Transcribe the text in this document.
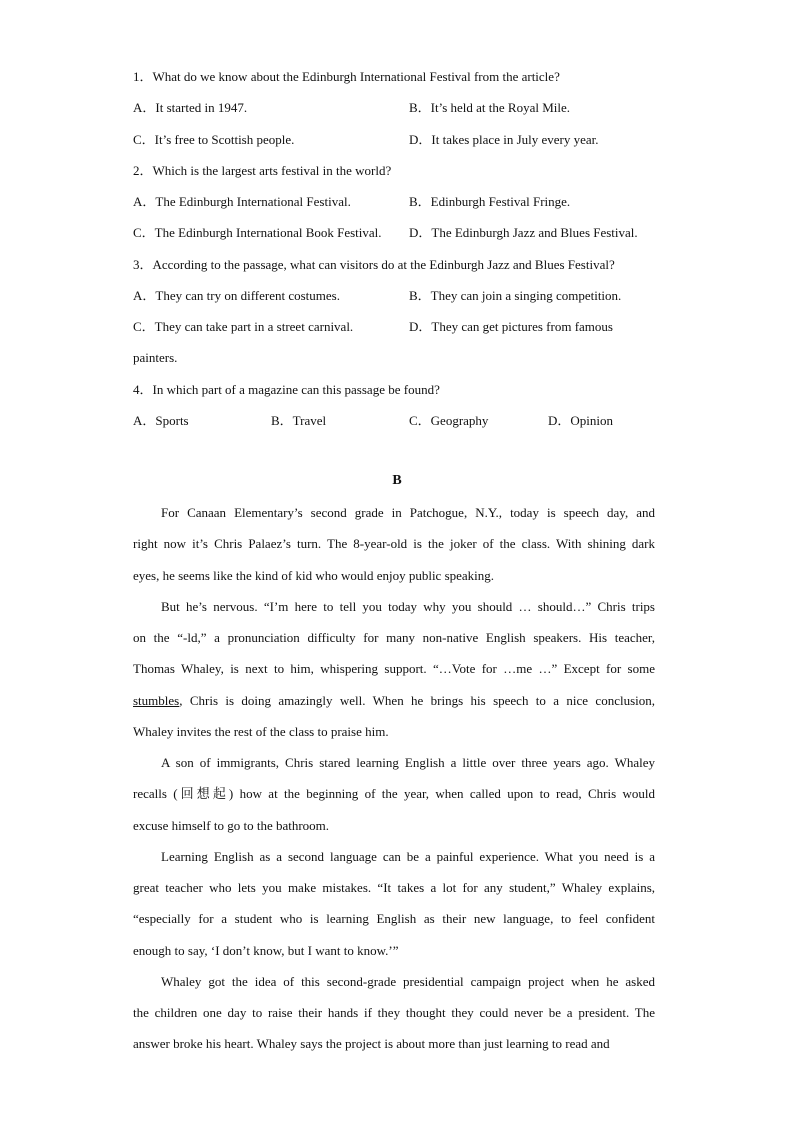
1．What do we know about the Edinburgh International Festival from the article?
A．It started in 1947.	B．It’s held at the Royal Mile.
C．It’s free to Scottish people.	D．It takes place in July every year.
2．Which is the largest arts festival in the world?
A．The Edinburgh International Festival.	B．Edinburgh Festival Fringe.
C．The Edinburgh International Book Festival. D．The Edinburgh Jazz and Blues Festival.
3．According to the passage, what can visitors do at the Edinburgh Jazz and Blues Festival?
A．They can try on different costumes.	B．They can join a singing competition.
C．They can take part in a street carnival.	D．They can get pictures from famous
painters.
4．In which part of a magazine can this passage be found?
A．Sports	B．Travel	C．Geography	D．Opinion
B
For Canaan Elementary’s second grade in Patchogue, N.Y., today is speech day, and
right now it’s Chris Palaez’s turn. The 8-year-old is the joker of the class. With shining dark
eyes, he seems like the kind of kid who would enjoy public speaking.
But he’s nervous. “I’m here to tell you today why you should … should…” Chris trips
on the “-ld,” a pronunciation difficulty for many non-native English speakers. His teacher,
Thomas Whaley, is next to him, whispering support. “…Vote for …me …” Except for some
stumbles, Chris is doing amazingly well. When he brings his speech to a nice conclusion,
Whaley invites the rest of the class to praise him.
A son of immigrants, Chris stared learning English a little over three years ago. Whaley
recalls (回想起) how at the beginning of the year, when called upon to read, Chris would
excuse himself to go to the bathroom.
Learning English as a second language can be a painful experience. What you need is a
great teacher who lets you make mistakes. “It takes a lot for any student,” Whaley explains,
“especially for a student who is learning English as their new language, to feel confident
enough to say, ‘I don’t know, but I want to know.’”
Whaley got the idea of this second-grade presidential campaign project when he asked
the children one day to raise their hands if they thought they could never be a president. The
answer broke his heart. Whaley says the project is about more than just learning to read and
